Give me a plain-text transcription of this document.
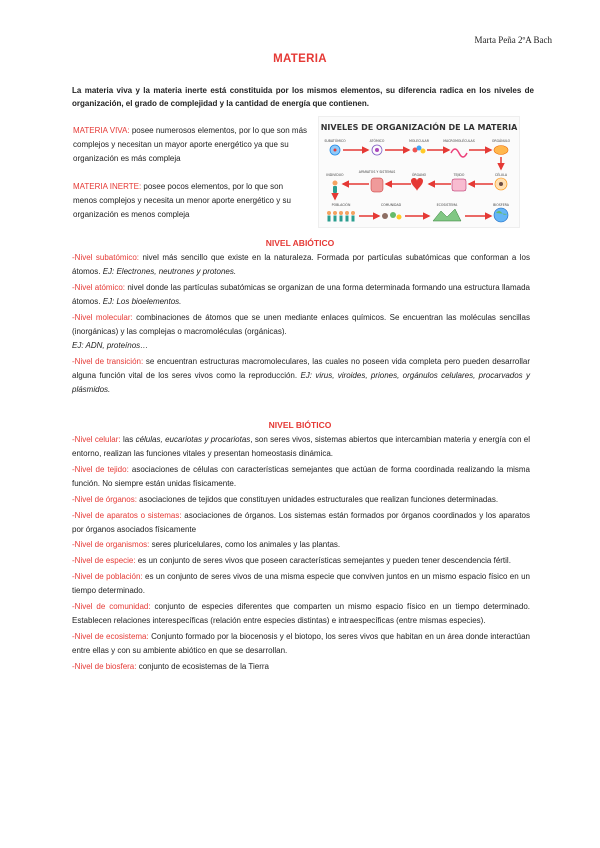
Marta Peña 2ºA Bach
MATERIA
La materia viva y la materia inerte está constituida por los mismos elementos, su diferencia radica en los niveles de organización, el grado de complejidad y la cantidad de energía que contienen.
MATERIA VIVA: posee numerosos elementos, por lo que son más complejos y necesitan un mayor aporte energético ya que su organización es más compleja
MATERIA INERTE: posee pocos elementos, por lo que son menos complejos y necesita un menor aporte energético y su organización es menos compleja
NIVELES DE ORGANIZACIÓN DE LA MATERIA
SUBATÓMICO	ATÓMICO	MOLECULAR	MACROMOLÉCULAS	ORGÁNULO
INDIVIDUO
APARATOS Y SISTEMAS
ÓRGANO	TEJIDO	CÉLULA
POBLACIÓN	COMUNIDAD	ECOSISTEMA	BIOSFERA
NIVEL ABIÓTICO

-Nivel subatómico: nivel más sencillo que existe en la naturaleza. Formada por partículas subatómicas que conforman a los átomos. EJ: Electrones, neutrones y protones.

-Nivel atómico: nivel donde las partículas subatómicas se organizan de una forma determinada formando una estructura llamada átomos. EJ: Los bioelementos.

-Nivel molecular: combinaciones de átomos que se unen mediante enlaces químicos. Se encuentran las moléculas sencillas (inorgánicas) y las complejas o macromoléculas (orgánicas).
EJ: ADN, proteínos…

-Nivel de transición: se encuentran estructuras macromoleculares, las cuales no poseen vida completa pero pueden desarrollar alguna función vital de los seres vivos como la reproducción. EJ: virus, viroides, priones, orgánulos celulares, procarvados y plásmidos.

NIVEL BIÓTICO

-Nivel celular: las células, eucariotas y procariotas, son seres vivos, sistemas abiertos que intercambian materia y energía con el entorno, realizan las funciones vitales y presentan homeostasis dinámica.

-Nivel de tejido: asociaciones de células con características semejantes que actúan de forma coordinada realizando la misma función. No siempre están unidas físicamente.

-Nivel de órganos: asociaciones de tejidos que constituyen unidades estructurales que realizan funciones determinadas.

-Nivel de aparatos o sistemas: asociaciones de órganos. Los sistemas están formados por órganos coordinados y los aparatos por órganos asociados físicamente

-Nivel de organismos: seres pluricelulares, como los animales y las plantas.

-Nivel de especie: es un conjunto de seres vivos que poseen características semejantes y pueden tener descendencia fértil.

-Nivel de población: es un conjunto de seres vivos de una misma especie que conviven juntos en un mismo espacio físico en un tiempo determinado.

-Nivel de comunidad: conjunto de especies diferentes que comparten un mismo espacio físico en un tiempo determinado. Establecen relaciones interespecíficas (relación entre especies distintas) e intraespecíficas (entre mismas especies).

-Nivel de ecosistema: Conjunto formado por la biocenosis y el biotopo, los seres vivos que habitan en un área donde interactúan entre ellas y con su ambiente abiótico en que se desarrollan.

-Nivel de biosfera: conjunto de ecosistemas de la Tierra
